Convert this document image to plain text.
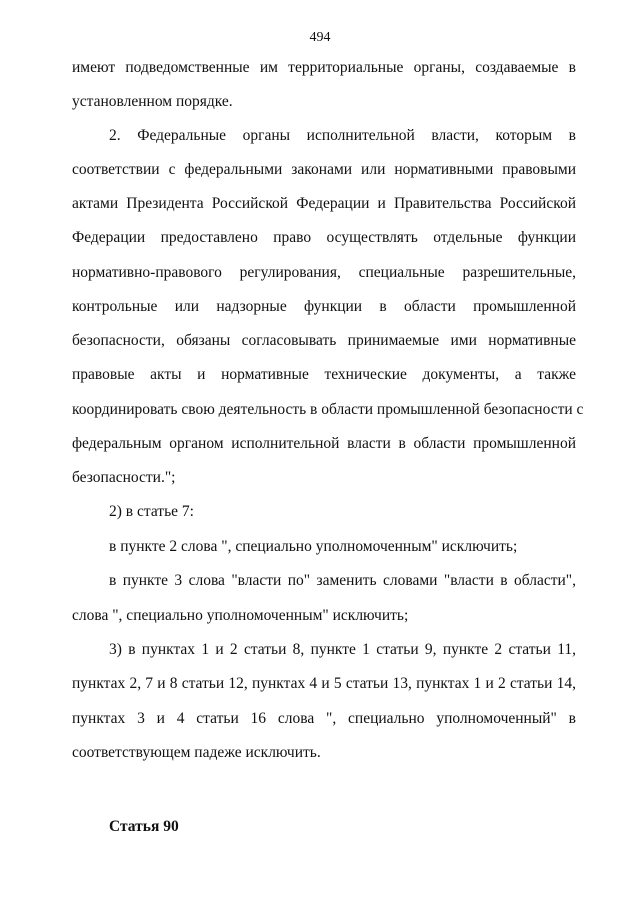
494
имеют подведомственные им территориальные органы, создаваемые в
установленном порядке.
2. Федеральные органы исполнительной власти, которым в
соответствии с федеральными законами или нормативными правовыми
актами Президента Российской Федерации и Правительства Российской
Федерации предоставлено право осуществлять отдельные функции
нормативно-правового регулирования, специальные разрешительные,
контрольные или надзорные функции в области промышленной
безопасности, обязаны согласовывать принимаемые ими нормативные
правовые акты и нормативные технические документы, а также
координировать свою деятельность в области промышленной безопасности с
федеральным органом исполнительной власти в области промышленной
безопасности.";
2) в статье 7:
в пункте 2 слова ", специально уполномоченным" исключить;
в пункте 3 слова "власти по" заменить словами "власти в области",
слова ", специально уполномоченным" исключить;
3) в пунктах 1 и 2 статьи 8, пункте 1 статьи 9, пункте 2 статьи 11,
пунктах 2, 7 и 8 статьи 12, пунктах 4 и 5 статьи 13, пунктах 1 и 2 статьи 14,
пунктах 3 и 4 статьи 16 слова ", специально уполномоченный" в
соответствующем падеже исключить.
Статья 90
